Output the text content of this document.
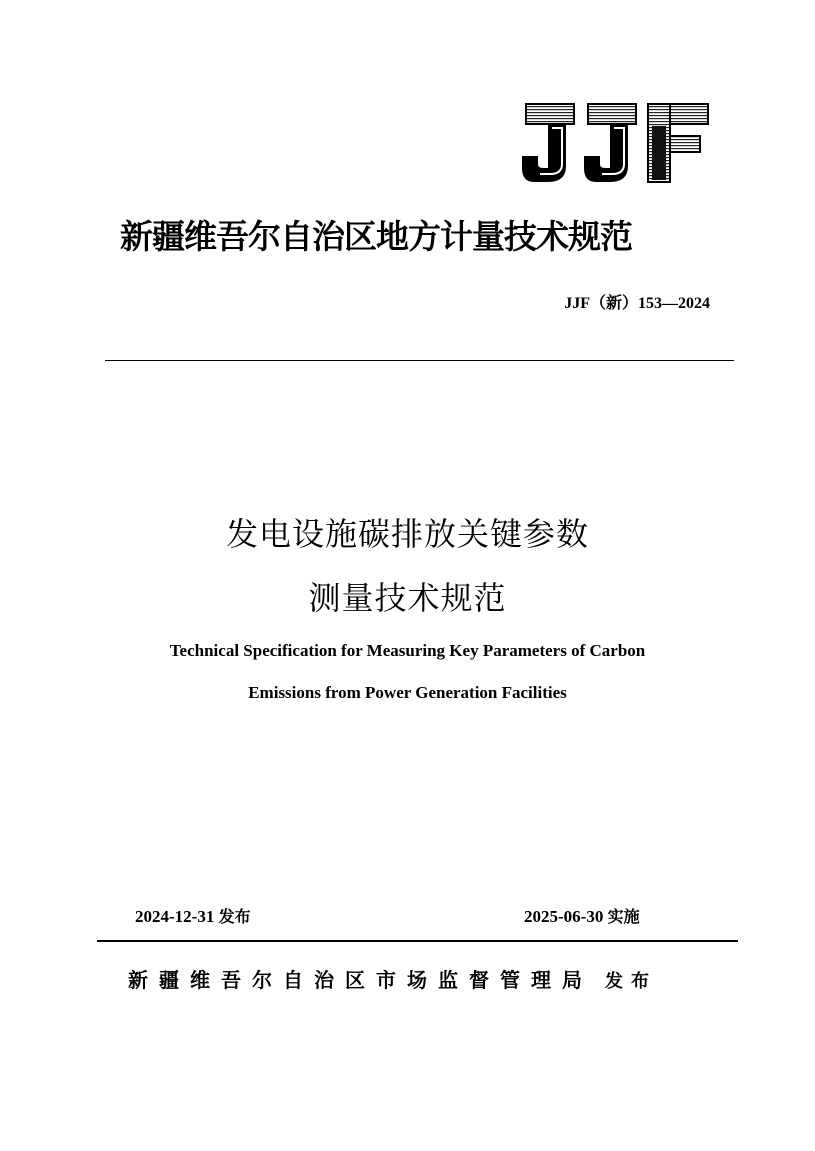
新疆维吾尔自治区地方计量技术规范
JJF（新）153—2024
发电设施碳排放关键参数
测量技术规范
Technical Specification for Measuring Key Parameters of Carbon
Emissions from Power Generation Facilities
2024-12-31 发布	2025-06-30 实施
新疆维吾尔自治区市场监督管理局 发布
